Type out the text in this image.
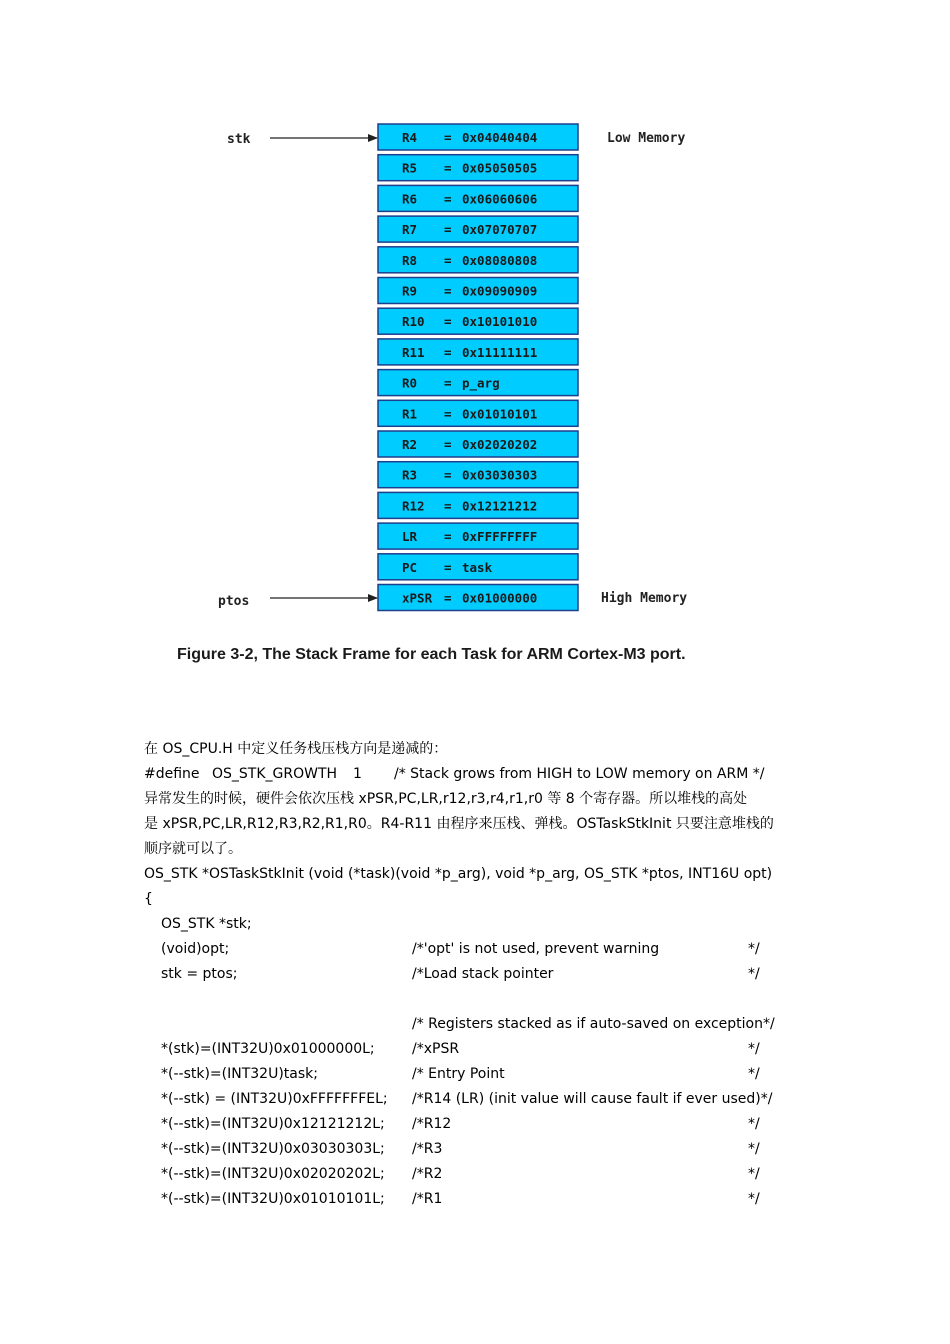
R4 = 0x04040404
R5 = 0x05050505
R6 = 0x06060606
R7 = 0x07070707
R8 = 0x08080808
R9 = 0x09090909
R10 = 0x10101010
R11 = 0x11111111
R0 = p_arg
R1 = 0x01010101
R2 = 0x02020202
R3 = 0x03030303
R12 = 0x12121212
LR = 0xFFFFFFFF
PC = task
xPSR = 0x01000000
stk	Low Memory
ptos	High Memory
Figure 3-2, The Stack Frame for each Task for ARM Cortex-M3 port.
在 OS_CPU.H 中定义任务栈压栈方向是递减的：

#define

OS_STK_GROWTH

1

/* Stack grows from HIGH to LOW memory on ARM */

异常发生的时候，硬件会依次压栈 xPSR,PC,LR,r12,r3,r4,r1,r0 等 8 个寄存器。所以堆栈的高处
是 xPSR,PC,LR,R12,R3,R2,R1,R0。R4-R11 由程序来压栈、弹栈。OSTaskStkInit 只要注意堆栈的
顺序就可以了。
OS_STK *OSTaskStkInit (void (*task)(void *p_arg), void *p_arg, OS_STK *ptos, INT16U opt)
{
OS_STK *stk;
(void)opt;	/*'opt' is not used, prevent warning	*/
stk = ptos;	/*Load stack pointer	*/
/* Registers stacked as if auto-saved on exception*/
*(stk)=(INT32U)0x01000000L;	/*xPSR	*/
*(--stk)=(INT32U)task;	/* Entry Point	*/
*(--stk) = (INT32U)0xFFFFFFFEL; /*R14 (LR) (init value will cause fault if ever used)*/
*(--stk)=(INT32U)0x12121212L; /*R12	*/
*(--stk)=(INT32U)0x03030303L; /*R3	*/
*(--stk)=(INT32U)0x02020202L; /*R2	*/
*(--stk)=(INT32U)0x01010101L; /*R1	*/
